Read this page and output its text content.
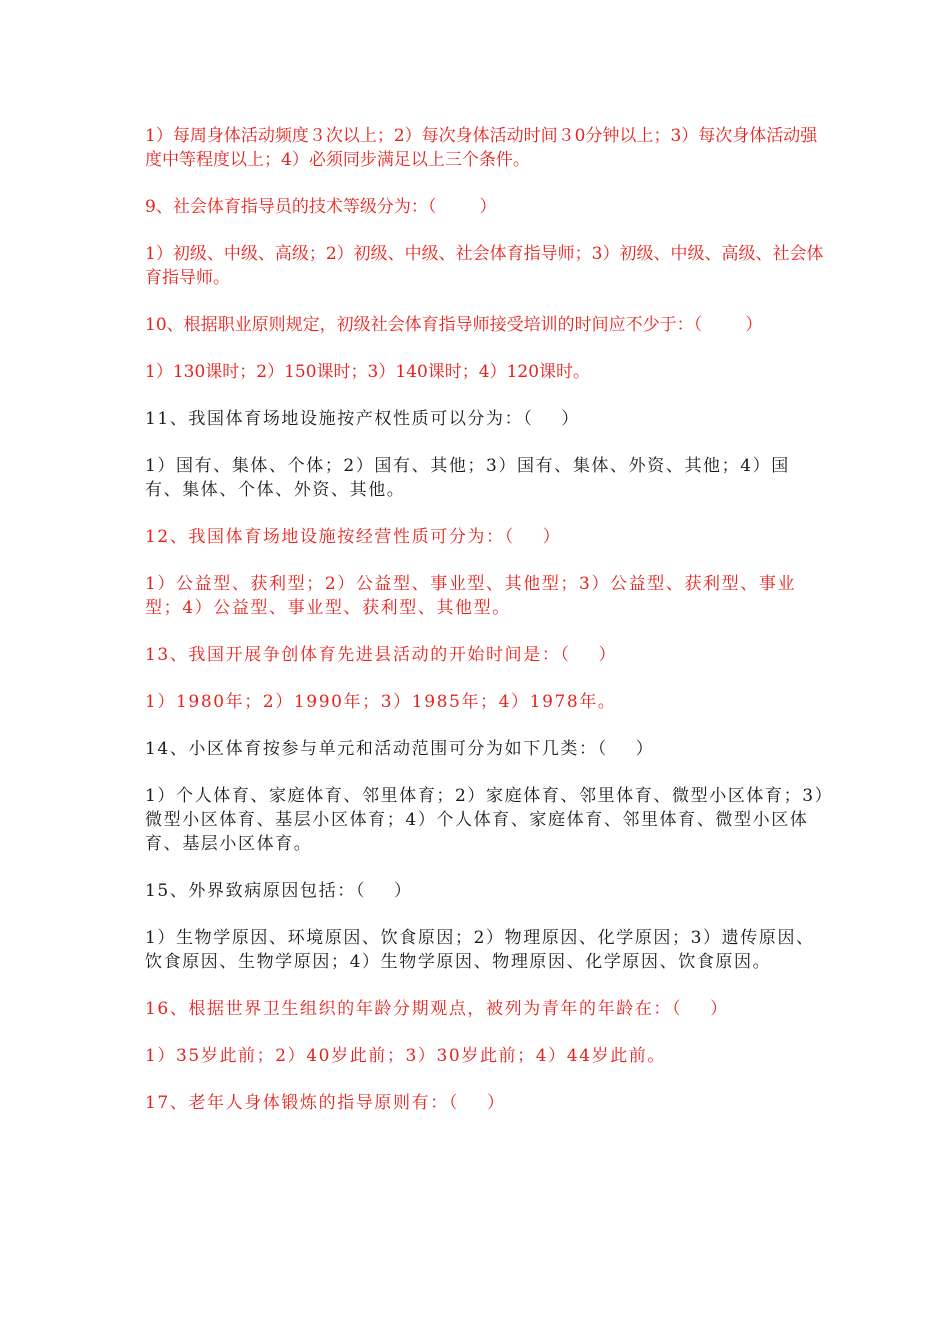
1）每周身体活动频度３次以上；2）每次身体活动时间３0分钟以上；3）每次身体活动强度中等程度以上；4）必须同步满足以上三个条件。

9、社会体育指导员的技术等级分为：（        ）

1）初级、中级、高级；2）初级、中级、社会体育指导师；3）初级、中级、高级、社会体育指导师。

10、根据职业原则规定，初级社会体育指导师接受培训的时间应不少于：（        ）

1）130课时；2）150课时；3）140课时；4）120课时。

11、我国体育场地设施按产权性质可以分为：（    ）

1）国有、集体、个体；2）国有、其他；3）国有、集体、外资、其他；4）国有、集体、个体、外资、其他。

12、我国体育场地设施按经营性质可分为：（    ）

1）公益型、获利型；2）公益型、事业型、其他型；3）公益型、获利型、事业型；4）公益型、事业型、获利型、其他型。

13、我国开展争创体育先进县活动的开始时间是：（    ）

1）1980年；2）1990年；3）1985年；4）1978年。

14、小区体育按参与单元和活动范围可分为如下几类：（    ）

1）个人体育、家庭体育、邻里体育；2）家庭体育、邻里体育、微型小区体育；3）微型小区体育、基层小区体育；4）个人体育、家庭体育、邻里体育、微型小区体育、基层小区体育。

15、外界致病原因包括：（    ）

1）生物学原因、环境原因、饮食原因；2）物理原因、化学原因；3）遗传原因、饮食原因、生物学原因；4）生物学原因、物理原因、化学原因、饮食原因。

16、根据世界卫生组织的年龄分期观点，被列为青年的年龄在：（    ）

1）35岁此前；2）40岁此前；3）30岁此前；4）44岁此前。

17、老年人身体锻炼的指导原则有：（    ）
